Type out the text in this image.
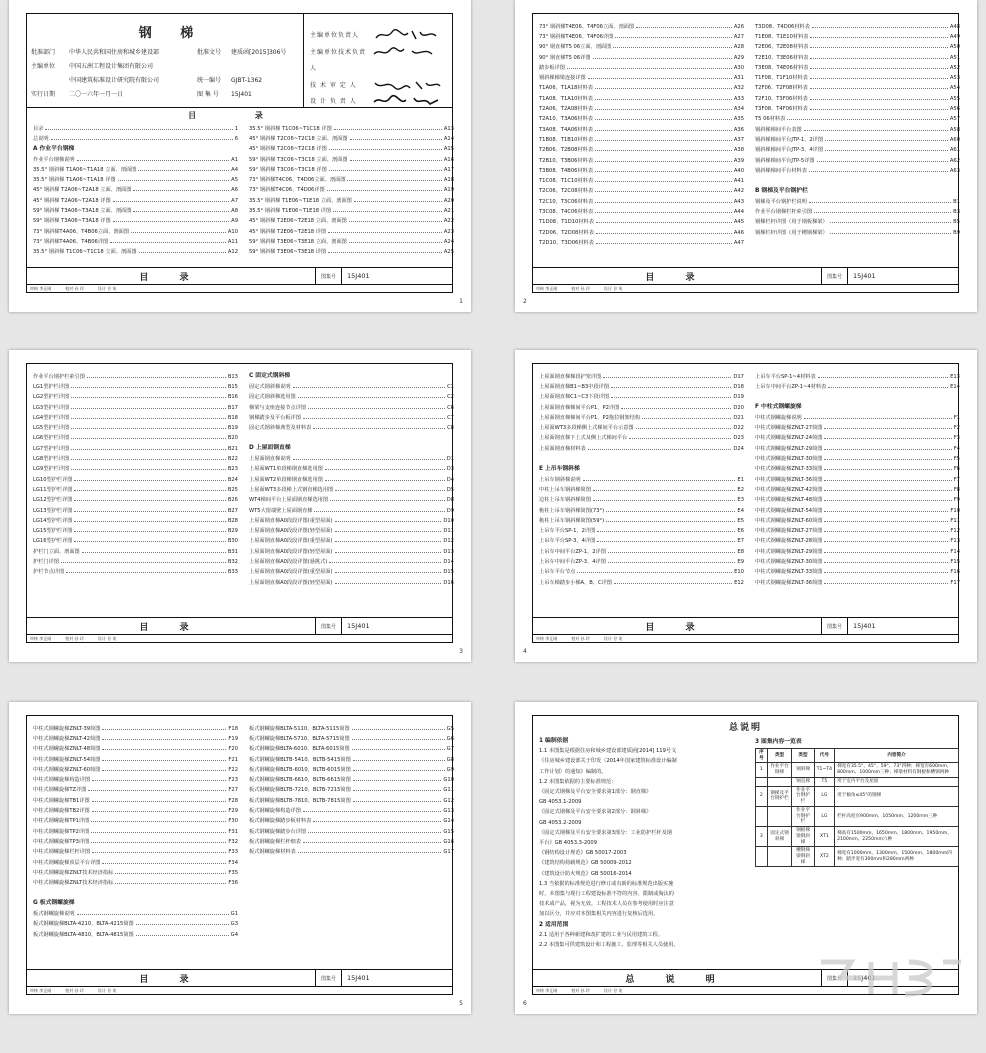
钢 梯
批准部门	中华人民共和国住房和城乡建设部
主编单位	中国五洲工程设计集团有限公司
中国建筑标准设计研究院有限公司
实行日期	二〇一六年一月一日
批准文号	建质函[2015]306号
统一编号	GJBT-1362
图 集 号	15J401
主编单位负责人
主编单位技术负责人
技 术 审 定 人
设 计 负 责 人
目 录
目录	1
总说明	6
A 作业平台钢梯
作业平台钢梯说明	A1
35.5° 钢斜梯 T1A06~T1A18 立面、剖面图	A4
35.5° 钢斜梯 T1A06~T1A18 详图	A5
45° 钢斜梯 T2A06~T2A18 立面、剖面图	A6
45° 钢斜梯 T2A06~T2A18 详图	A7
59° 钢斜梯 T3A06~T3A18 立面、剖面图	A8
59° 钢斜梯 T3A06~T3A18 详图	A9
73° 钢斜梯T4A06、T4B06立面、剖面图	A10
73° 钢斜梯T4A06、T4B06详图	A11
35.5° 钢斜梯 T1C06~T1C18 立面、剖面图	A12
35.5° 钢斜梯 T1C06~T1C18 详图	A13
45° 钢斜梯 T2C06~T2C18 立面、剖面图	A14
45° 钢斜梯 T2C06~T2C18 详图	A15
59° 钢斜梯 T3C06~T3C18 立面、剖面图	A16
59° 钢斜梯 T3C06~T3C18 详图	A17
73° 钢斜梯T4C06、T4D06立面、剖面图	A18
73° 钢斜梯T4C06、T4D06详图	A19
35.5° 钢斜梯 T1E06~T1E18 立面、剖面图	A20
35.5° 钢斜梯 T1E06~T1E18 详图	A21
45° 钢斜梯 T2E06~T2E18 立面、剖面图	A22
45° 钢斜梯 T2E06~T2E18 详图	A23
59° 钢斜梯 T3E06~T3E18 立面、剖面图	A24
59° 钢斜梯 T3E06~T3E18 详图	A25
目 录	图集号	15J401
审核 李正刚	校对 孙 玲	设计 谷 英
1
73° 钢斜梯T4E06、T4F06立面、剖面图	A26
73° 钢斜梯T4E06、T4F06详图	A27
90° 钢直梯T5 06立面、剖面图	A28
90° 钢直梯T5 06详图	A29
踏步板详图	A30
钢斜梯梯梁连接详图	A31
T1A06、T1A18材料表	A32
T1A08、T1A10材料表	A33
T2A06、T2A08材料表	A34
T2A10、T3A06材料表	A35
T3A08、T4A06材料表	A36
T1B08、T1B10材料表	A37
T2B06、T2B08材料表	A38
T2B10、T3B06材料表	A39
T3B08、T4B06材料表	A40
T1C08、T1C10材料表	A41
T2C06、T2C08材料表	A42
T2C10、T3C06材料表	A43
T3C08、T4C06材料表	A44
T1D08、T1D10材料表	A45
T2D06、T2D08材料表	A46
T2D10、T3D06材料表	A47
T3D08、T4D06材料表	A48
T1E08、T1E10材料表	A49
T2E06、T2E08材料表	A50
T2E10、T3E06材料表	A51
T3E08、T4E06材料表	A52
T1F08、T1F10材料表	A53
T2F06、T2F08材料表	A54
T2F10、T3F06材料表	A55
T3F08、T4F06材料表	A56
T5 06材料表	A57
钢斜梯梯间平台表图	A58
钢斜梯梯间平台JTP-1、2详图	A60
钢斜梯梯间平台JTP-3、4详图	A61
钢斜梯梯间平台JTP-5详图	A62
钢斜梯梯间平台材料表	A63
B 钢梯及平台钢护栏
钢梯及平台钢护栏说明	B1
作业平台钢梯栏杆索引图	B3
钢梯栏杆详图（用于钢板梯梁）	B5
钢梯栏杆详图（用于槽钢梯梁）	B9
目 录	图集号	15J401
审核 李正刚	校对 孙 玲	设计 谷 英
2
作业平台钢护栏索引图	B13
LG1型护栏详图	B15
LG2型护栏详图	B16
LG3型护栏详图	B17
LG4型护栏详图	B18
LG5型护栏详图	B19
LG6型护栏详图	B20
LG7型护栏详图	B21
LG8型护栏详图	B22
LG9型护栏详图	B23
LG10型护栏详图	B24
LG11型护栏详图	B25
LG12型护栏详图	B26
LG13型护栏详图	B27
LG14型护栏详图	B28
LG15型护栏详图	B29
LG16型护栏详图	B30
护栏门立面、剖面图	B31
护栏门详图	B32
护栏节点详图	B33
C 固定式钢斜梯
固定式钢斜梯说明	C1
固定式钢斜梯选用图	C2
梯梁与支座连接节点详图	C6
钢梯踏步及平台板详图	C7
固定式钢斜梯典型及材料表	C8
D 上屋面钢直梯
上屋面钢直梯说明	D1
上屋面WT1单段梯钢直梯选用图	D3
上屋面WT2单段梯钢直梯选用图	D4
上屋面WT3多段梯上式钢直梯选用图	D5
WT4梯间平台上屋面钢直梯选用图	D8
WT5大窗端壁上屋面钢直梯	D9
上屋面钢直梯A0段段详图(重型屋面)	D10
上屋面钢直梯A0段段详图(轻型屋面)	D11
上屋面钢直梯A0段段详图(重型屋面)	D12
上屋面钢直梯A0段段详图(轻型屋面)	D13
上屋面钢直梯A0段段详图(悬挑式)	D14
上屋面钢直梯A0段段详图(重型屋面)	D15
上屋面钢直梯A0段段详图(轻型屋面)	D16
目 录	图集号	15J401
审核 李正刚	校对 孙 玲	设计 谷 英
3
上屋面钢直梯梯段护笼详图	D17
上屋面钢直梯B1~B3中段详图	D18
上屋面钢直梯C1~C3下段详图	D19
上屋面钢直梯梯间平台P1、P2详图	D20
上屋面钢直梯梯间平台P1、P2拖拉钢架结构	D21
上屋面WT3多段梯侧上式梯间平台示意图	D22
上屋面钢直梯下上式及侧上式梯间平台	D23
上屋面钢直梯材料表	D24
E 上吊车钢斜梯
上吊车钢斜梯说明	E1
中柱上吊车钢斜梯简图	E2
边柱上吊车钢斜梯简图	E3
桅柱上吊车钢斜梯简图(73°)	E4
桅柱上吊车钢斜梯简图(59°)	E5
上吊车平台SP-1、2详图	E6
上吊车平台SP-3、4详图	E7
上吊车中间平台ZP-1、2详图	E8
上吊车中间平台ZP-3、4详图	E9
上吊车平台节点	E10
上吊车梯踏步小梯A、B、C详图	E12
上吊车平台SP-1~4材料表	E13
上吊车中间平台ZP-1~4材料表	E14
F 中柱式钢螺旋梯
中柱式钢螺旋梯说明	F1
中柱式钢螺旋梯ZNLT-27简图	F2
中柱式钢螺旋梯ZNLT-24简图	F3
中柱式钢螺旋梯ZNLT-29简图	F4
中柱式钢螺旋梯ZNLT-30简图	F5
中柱式钢螺旋梯ZNLT-33简图	F6
中柱式钢螺旋梯ZNLT-36简图	F7
中柱式钢螺旋梯ZNLT-42简图	F8
中柱式钢螺旋梯ZNLT-48简图	F9
中柱式钢螺旋梯ZNLT-54简图	F10
中柱式钢螺旋梯ZNLT-60简图	F11
中柱式钢螺旋梯ZNLT-27简图	F12
中柱式钢螺旋梯ZNLT-28简图	F13
中柱式钢螺旋梯ZNLT-29简图	F14
中柱式钢螺旋梯ZNLT-30简图	F15
中柱式钢螺旋梯ZNLT-33简图	F16
中柱式钢螺旋梯ZNLT-36简图	F17
目 录	图集号	15J401
审核 李正刚	校对 孙 玲	设计 谷 英
4
中柱式钢螺旋梯ZNLT-39简图	F18
中柱式钢螺旋梯ZNLT-42简图	F19
中柱式钢螺旋梯ZNLT-48简图	F20
中柱式钢螺旋梯ZNLT-54简图	F21
中柱式钢螺旋梯ZNLT-60简图	F22
中柱式钢螺旋梯构造详图	F23
中柱式钢螺旋梯TZ详图	F27
中柱式钢螺旋梯TB1详图	F28
中柱式钢螺旋梯TB2详图	F29
中柱式钢螺旋梯TP1详图	F30
中柱式钢螺旋梯TP2详图	F31
中柱式钢螺旋梯TP3详图	F32
中柱式钢螺旋梯栏杆详图	F33
中柱式钢螺旋梯顶层平台详图	F34
中柱式钢螺旋梯ZNLT技术经济指标	F35
中柱式钢螺旋梯ZNLT技术经济指标	F36
G 板式钢螺旋梯
板式钢螺旋梯说明	G1
板式钢螺旋梯BLTA-4210、BLTA-4215简图	G3
板式钢螺旋梯BLTA-4810、BLTA-4815简图	G4
板式钢螺旋梯BLTA-5110、BLTA-5115简图	G5
板式钢螺旋梯BLTA-5710、BLTA-5715简图	G6
板式钢螺旋梯BLTA-6010、BLTA-6015简图	G7
板式钢螺旋梯BLTB-5410、BLTB-5415简图	G8
板式钢螺旋梯BLTB-6010、BLTB-6015简图	G9
板式钢螺旋梯BLTB-6610、BLTB-6615简图	G10
板式钢螺旋梯BLTB-7210、BLTB-7215简图	G11
板式钢螺旋梯BLTB-7810、BLTB-7815简图	G12
板式钢螺旋梯构造详图	G13
板式钢螺旋梯踏步板材料表	G14
板式钢螺旋梯踏步台详图	G15
板式钢螺旋梯栏杆细表	G16
板式钢螺旋梯材料表	G17
目 录	图集号	15J401
审核 李正刚	校对 孙 玲	设计 谷 英
5
总说明
1 编制依据
1.1 本图集是根据住房和城乡建设部建质函[2014] 119号文
《住房城乡建设部关于印发〈2014年国家建筑标准设计编制
工作计划〉的通知》编制的。
1.2 本图集依据的主要标准规范：
《固定式钢梯及平台安全要求第1部分：钢直梯》
GB 4053.1-2009
《固定式钢梯及平台安全要求第2部分：钢斜梯》
GB 4053.2-2009
《固定式钢梯及平台安全要求第3部分：工业防护栏杆及钢
平台》GB 4053.3-2009
《钢结构设计规范》GB 50017-2003
《建筑结构荷载规范》GB 50009-2012
《建筑设计防火规范》GB 50016-2014
1.3 当依据的标准规范进行修订或有新的标准规范出版实施
时，本图集与现行工程建设标准不符的内容、限制或淘汰的
技术或产品，视为无效。工程技术人员在参考使用时应注意
加以区分，并应对本图集相关内容进行复核后选用。
2 适用范围
2.1 适用于各种新建和改扩建的工业与民用建筑工程。
2.2 本图集可供建筑设计和工程施工、监理等相关人员使用。
3 图集内容一览表
序号	类型	类型	代号	内容简介
1	作业平台钢梯	钢斜梯	T1~T4	梯宽有35.5°、45°、59°、73°四种；梯宽有600mm、800mm、1000mm三种；梯梁材料有钢板和槽钢两种
		钢直梯	T5	用于室内平台及屋面
2	钢梯及平台钢护栏	作业平台钢护栏	LG	用于倾角≤45°的钢梯
		作业平台钢护栏	LG	栏杆高度有900mm、1050mm、1200mm三种
3	固定式钢斜梯	钢板梯梁钢斜梯	XT1	梯高有1500mm、1650mm、1800mm、1950mm、2100mm、2250mm六种
		槽钢梯梁钢斜梯	XT2	梯宽有1000mm、1300mm、1500mm、1800mm四种；踏步宽有300mm和280mm两种
总 说 明	图集号	15J401
审核 李正刚	校对 孙 玲	设计 谷 英
6
